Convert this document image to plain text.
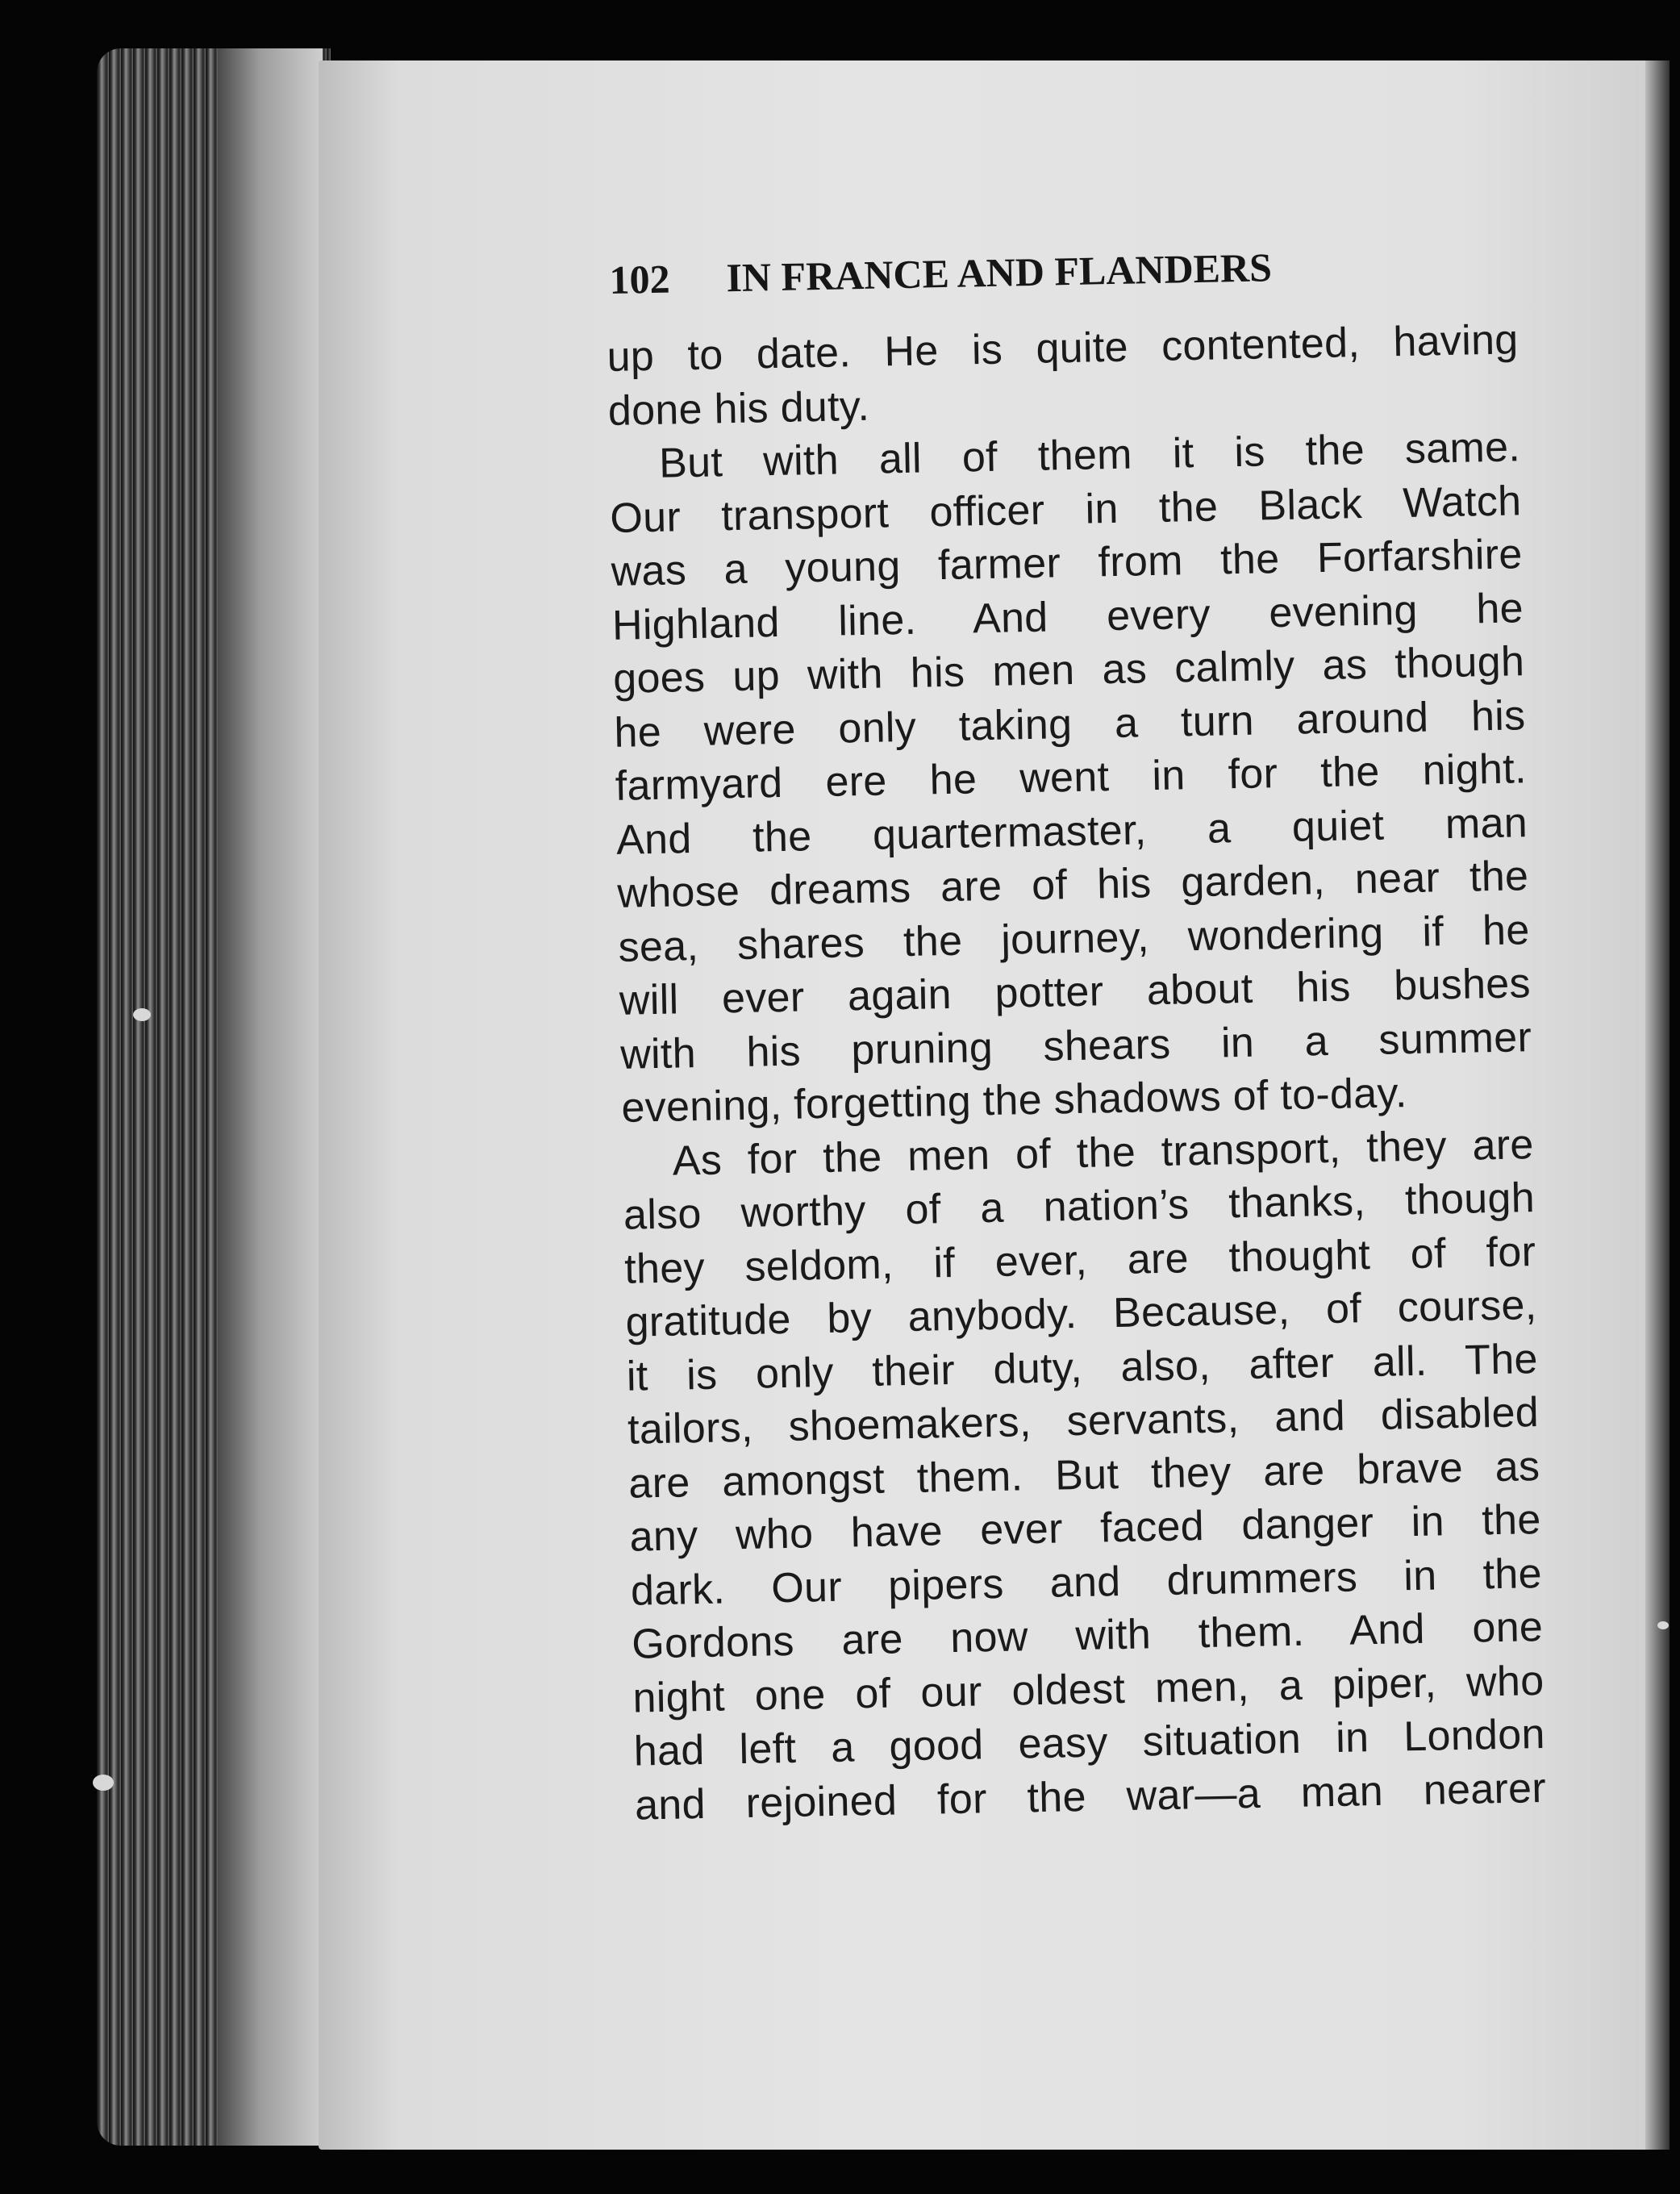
102 IN FRANCE AND FLANDERS
up to date. He is quite contented, having
done his duty.
But with all of them it is the same.
Our transport officer in the Black Watch
was a young farmer from the Forfarshire
Highland line. And every evening he
goes up with his men as calmly as though
he were only taking a turn around his
farmyard ere he went in for the night.
And the quartermaster, a quiet man
whose dreams are of his garden, near the
sea, shares the journey, wondering if he
will ever again potter about his bushes
with his pruning shears in a summer
evening, forgetting the shadows of to-day.
As for the men of the transport, they are
also worthy of a nation’s thanks, though
they seldom, if ever, are thought of for
gratitude by anybody. Because, of course,
it is only their duty, also, after all. The
tailors, shoemakers, servants, and disabled
are amongst them. But they are brave as
any who have ever faced danger in the
dark. Our pipers and drummers in the
Gordons are now with them. And one
night one of our oldest men, a piper, who
had left a good easy situation in London
and rejoined for the war—a man nearer
